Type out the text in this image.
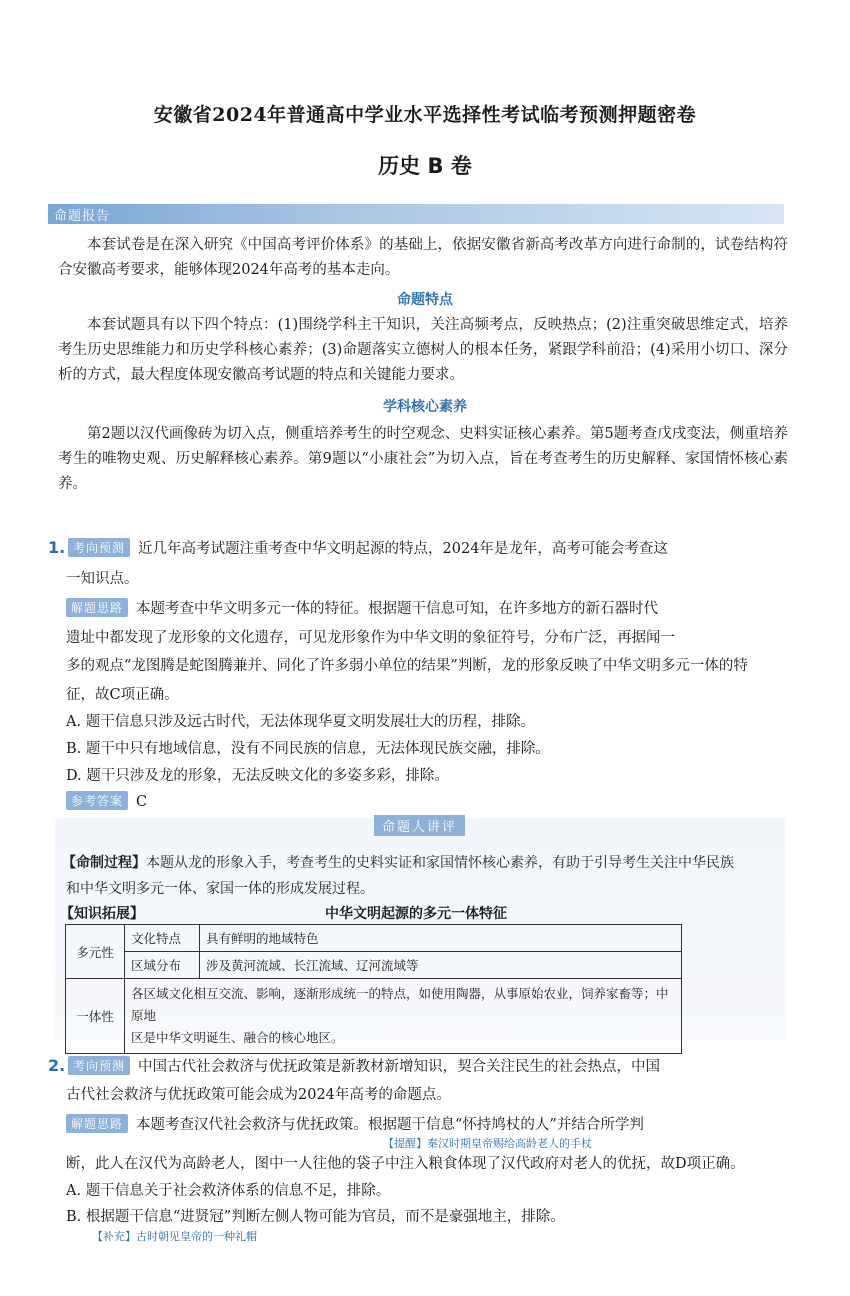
安徽省2024年普通高中学业水平选择性考试临考预测押题密卷
历史 B 卷
命题报告
本套试卷是在深入研究《中国高考评价体系》的基础上，依据安徽省新高考改革方向进行命制的，试卷结构符合安徽高考要求，能够体现2024年高考的基本走向。
命题特点
本套试题具有以下四个特点：(1)围绕学科主干知识，关注高频考点，反映热点；(2)注重突破思维定式，培养考生历史思维能力和历史学科核心素养；(3)命题落实立德树人的根本任务，紧跟学科前沿；(4)采用小切口、深分析的方式，最大程度体现安徽高考试题的特点和关键能力要求。
学科核心素养
第2题以汉代画像砖为切入点，侧重培养考生的时空观念、史料实证核心素养。第5题考查戊戌变法，侧重培养考生的唯物史观、历史解释核心素养。第9题以“小康社会”为切入点，旨在考查考生的历史解释、家国情怀核心素养。
1. 考向预测 近几年高考试题注重考查中华文明起源的特点，2024年是龙年，高考可能会考查这
一知识点。
解题思路 本题考查中华文明多元一体的特征。根据题干信息可知，在许多地方的新石器时代
遗址中都发现了龙形象的文化遗存，可见龙形象作为中华文明的象征符号，分布广泛，再据闻一
多的观点“龙图腾是蛇图腾兼并、同化了许多弱小单位的结果”判断，龙的形象反映了中华文明多元一体的特
征，故C项正确。
A. 题干信息只涉及远古时代，无法体现华夏文明发展壮大的历程，排除。
B. 题干中只有地域信息，没有不同民族的信息，无法体现民族交融，排除。
D. 题干只涉及龙的形象，无法反映文化的多姿多彩，排除。
参考答案 C
命题人讲评
【命制过程】本题从龙的形象入手，考查考生的史料实证和家国情怀核心素养，有助于引导考生关注中华民族
和中华文明多元一体、家国一体的形成发展过程。
【知识拓展】	中华文明起源的多元一体特征
多元性	文化特点	具有鲜明的地域特色
	区域分布	涉及黄河流域、长江流域、辽河流域等
一体性	各区域文化相互交流、影响，逐渐形成统一的特点，如使用陶器，从事原始农业，饲养家畜等；中原地
区是中华文明诞生、融合的核心地区。	
2. 考向预测 中国古代社会救济与优抚政策是新教材新增知识，契合关注民生的社会热点，中国
古代社会救济与优抚政策可能会成为2024年高考的命题点。
解题思路 本题考查汉代社会救济与优抚政策。根据题干信息“怀持鸠杖的人”并结合所学判
【提醒】秦汉时期皇帝赐给高龄老人的手杖
断，此人在汉代为高龄老人，图中一人往他的袋子中注入粮食体现了汉代政府对老人的优抚，故D项正确。
A. 题干信息关于社会救济体系的信息不足，排除。
B. 根据题干信息“进贤冠”判断左侧人物可能为官员，而不是豪强地主，排除。
【补充】古时朝见皇帝的一种礼帽
